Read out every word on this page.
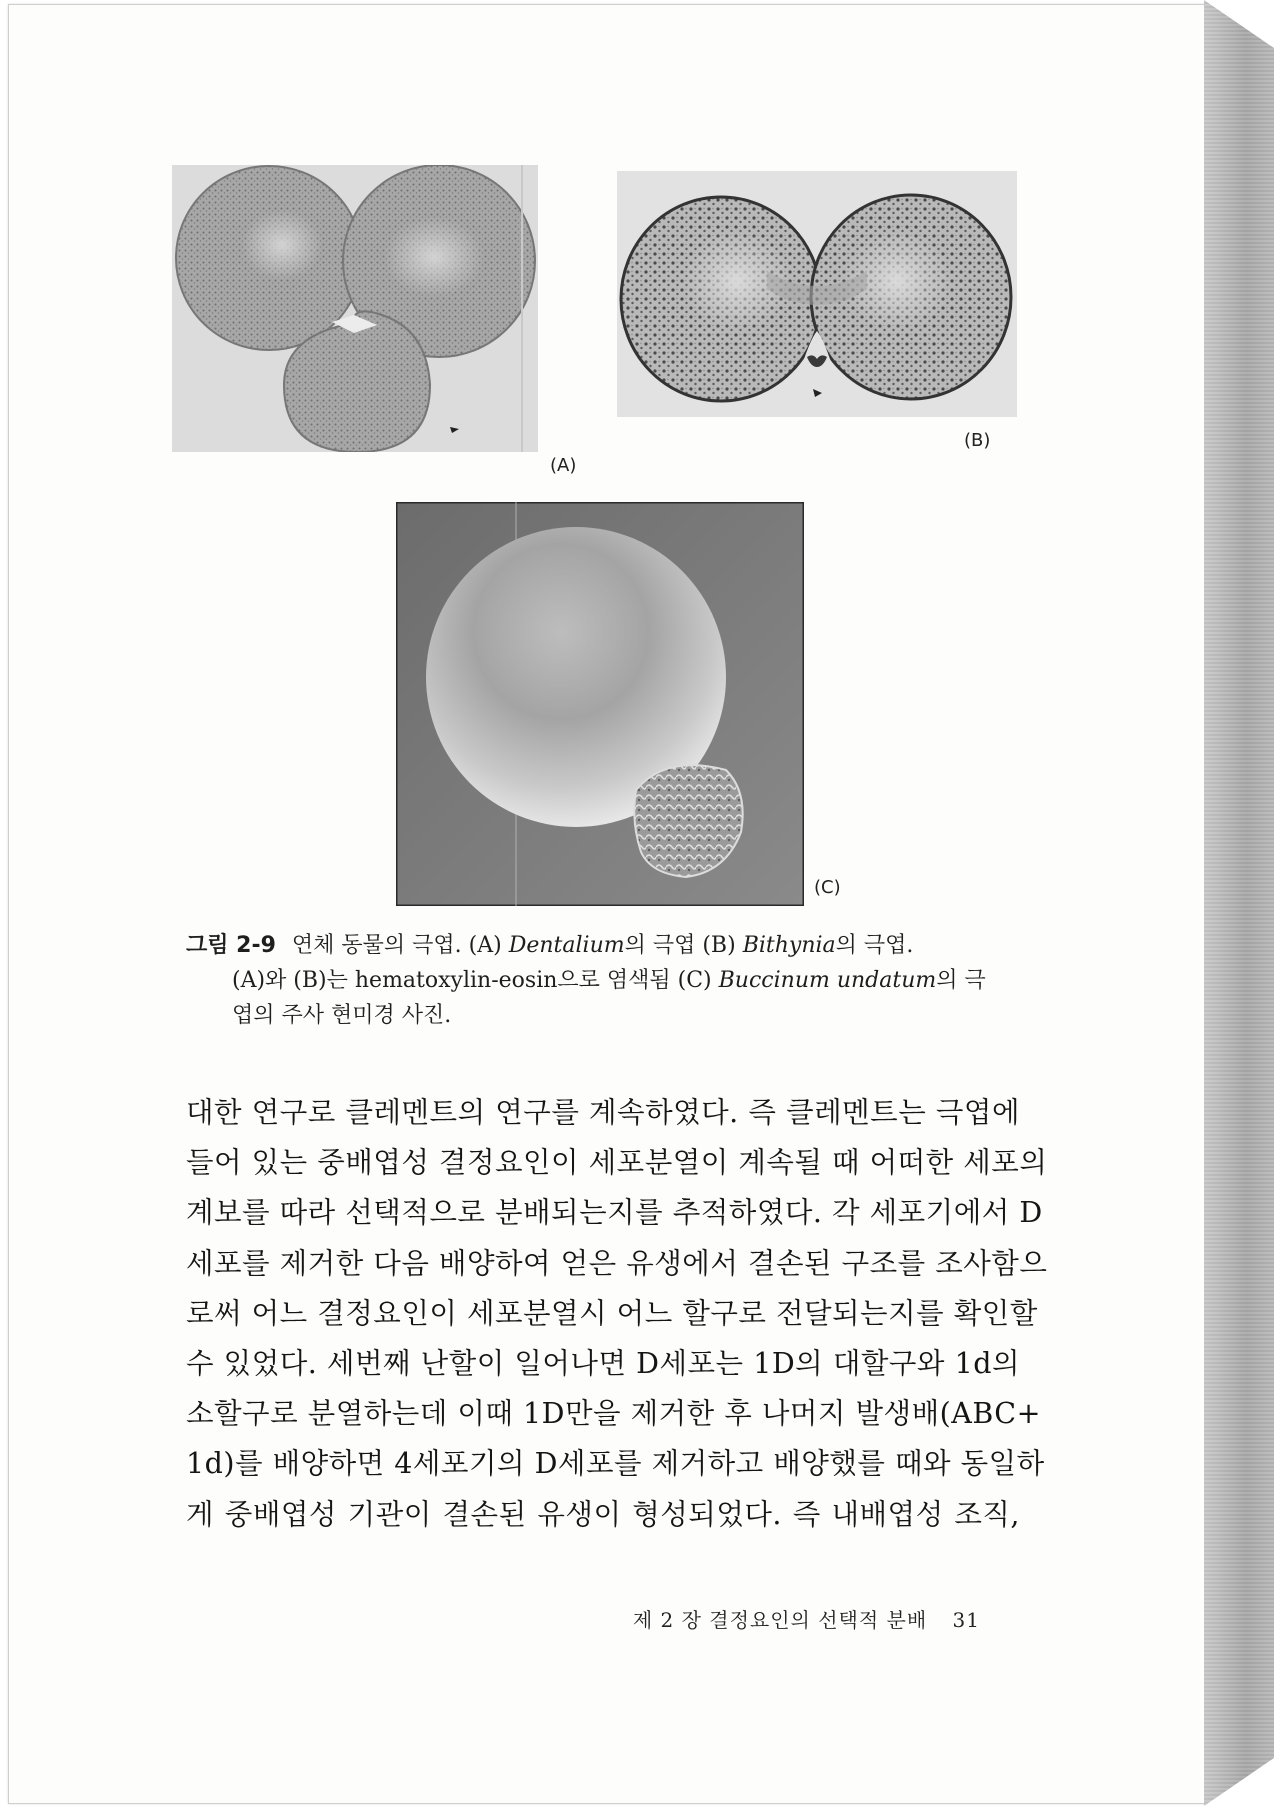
(A)
(B)
(C)
그림 2-9 연체 동물의 극엽. (A) Dentalium의 극엽 (B) Bithynia의 극엽.
(A)와 (B)는 hematoxylin-eosin으로 염색됨 (C) Buccinum undatum의 극
엽의 주사 현미경 사진.
대한 연구로 클레멘트의 연구를 계속하였다. 즉 클레멘트는 극엽에
들어 있는 중배엽성 결정요인이 세포분열이 계속될 때 어떠한 세포의
계보를 따라 선택적으로 분배되는지를 추적하였다. 각 세포기에서 D
세포를 제거한 다음 배양하여 얻은 유생에서 결손된 구조를 조사함으
로써 어느 결정요인이 세포분열시 어느 할구로 전달되는지를 확인할
수 있었다. 세번째 난할이 일어나면 D세포는 1D의 대할구와 1d의
소할구로 분열하는데 이때 1D만을 제거한 후 나머지 발생배(ABC+
1d)를 배양하면 4세포기의 D세포를 제거하고 배양했를 때와 동일하
게 중배엽성 기관이 결손된 유생이 형성되었다. 즉 내배엽성 조직,
제 2 장 결정요인의 선택적 분배 31
